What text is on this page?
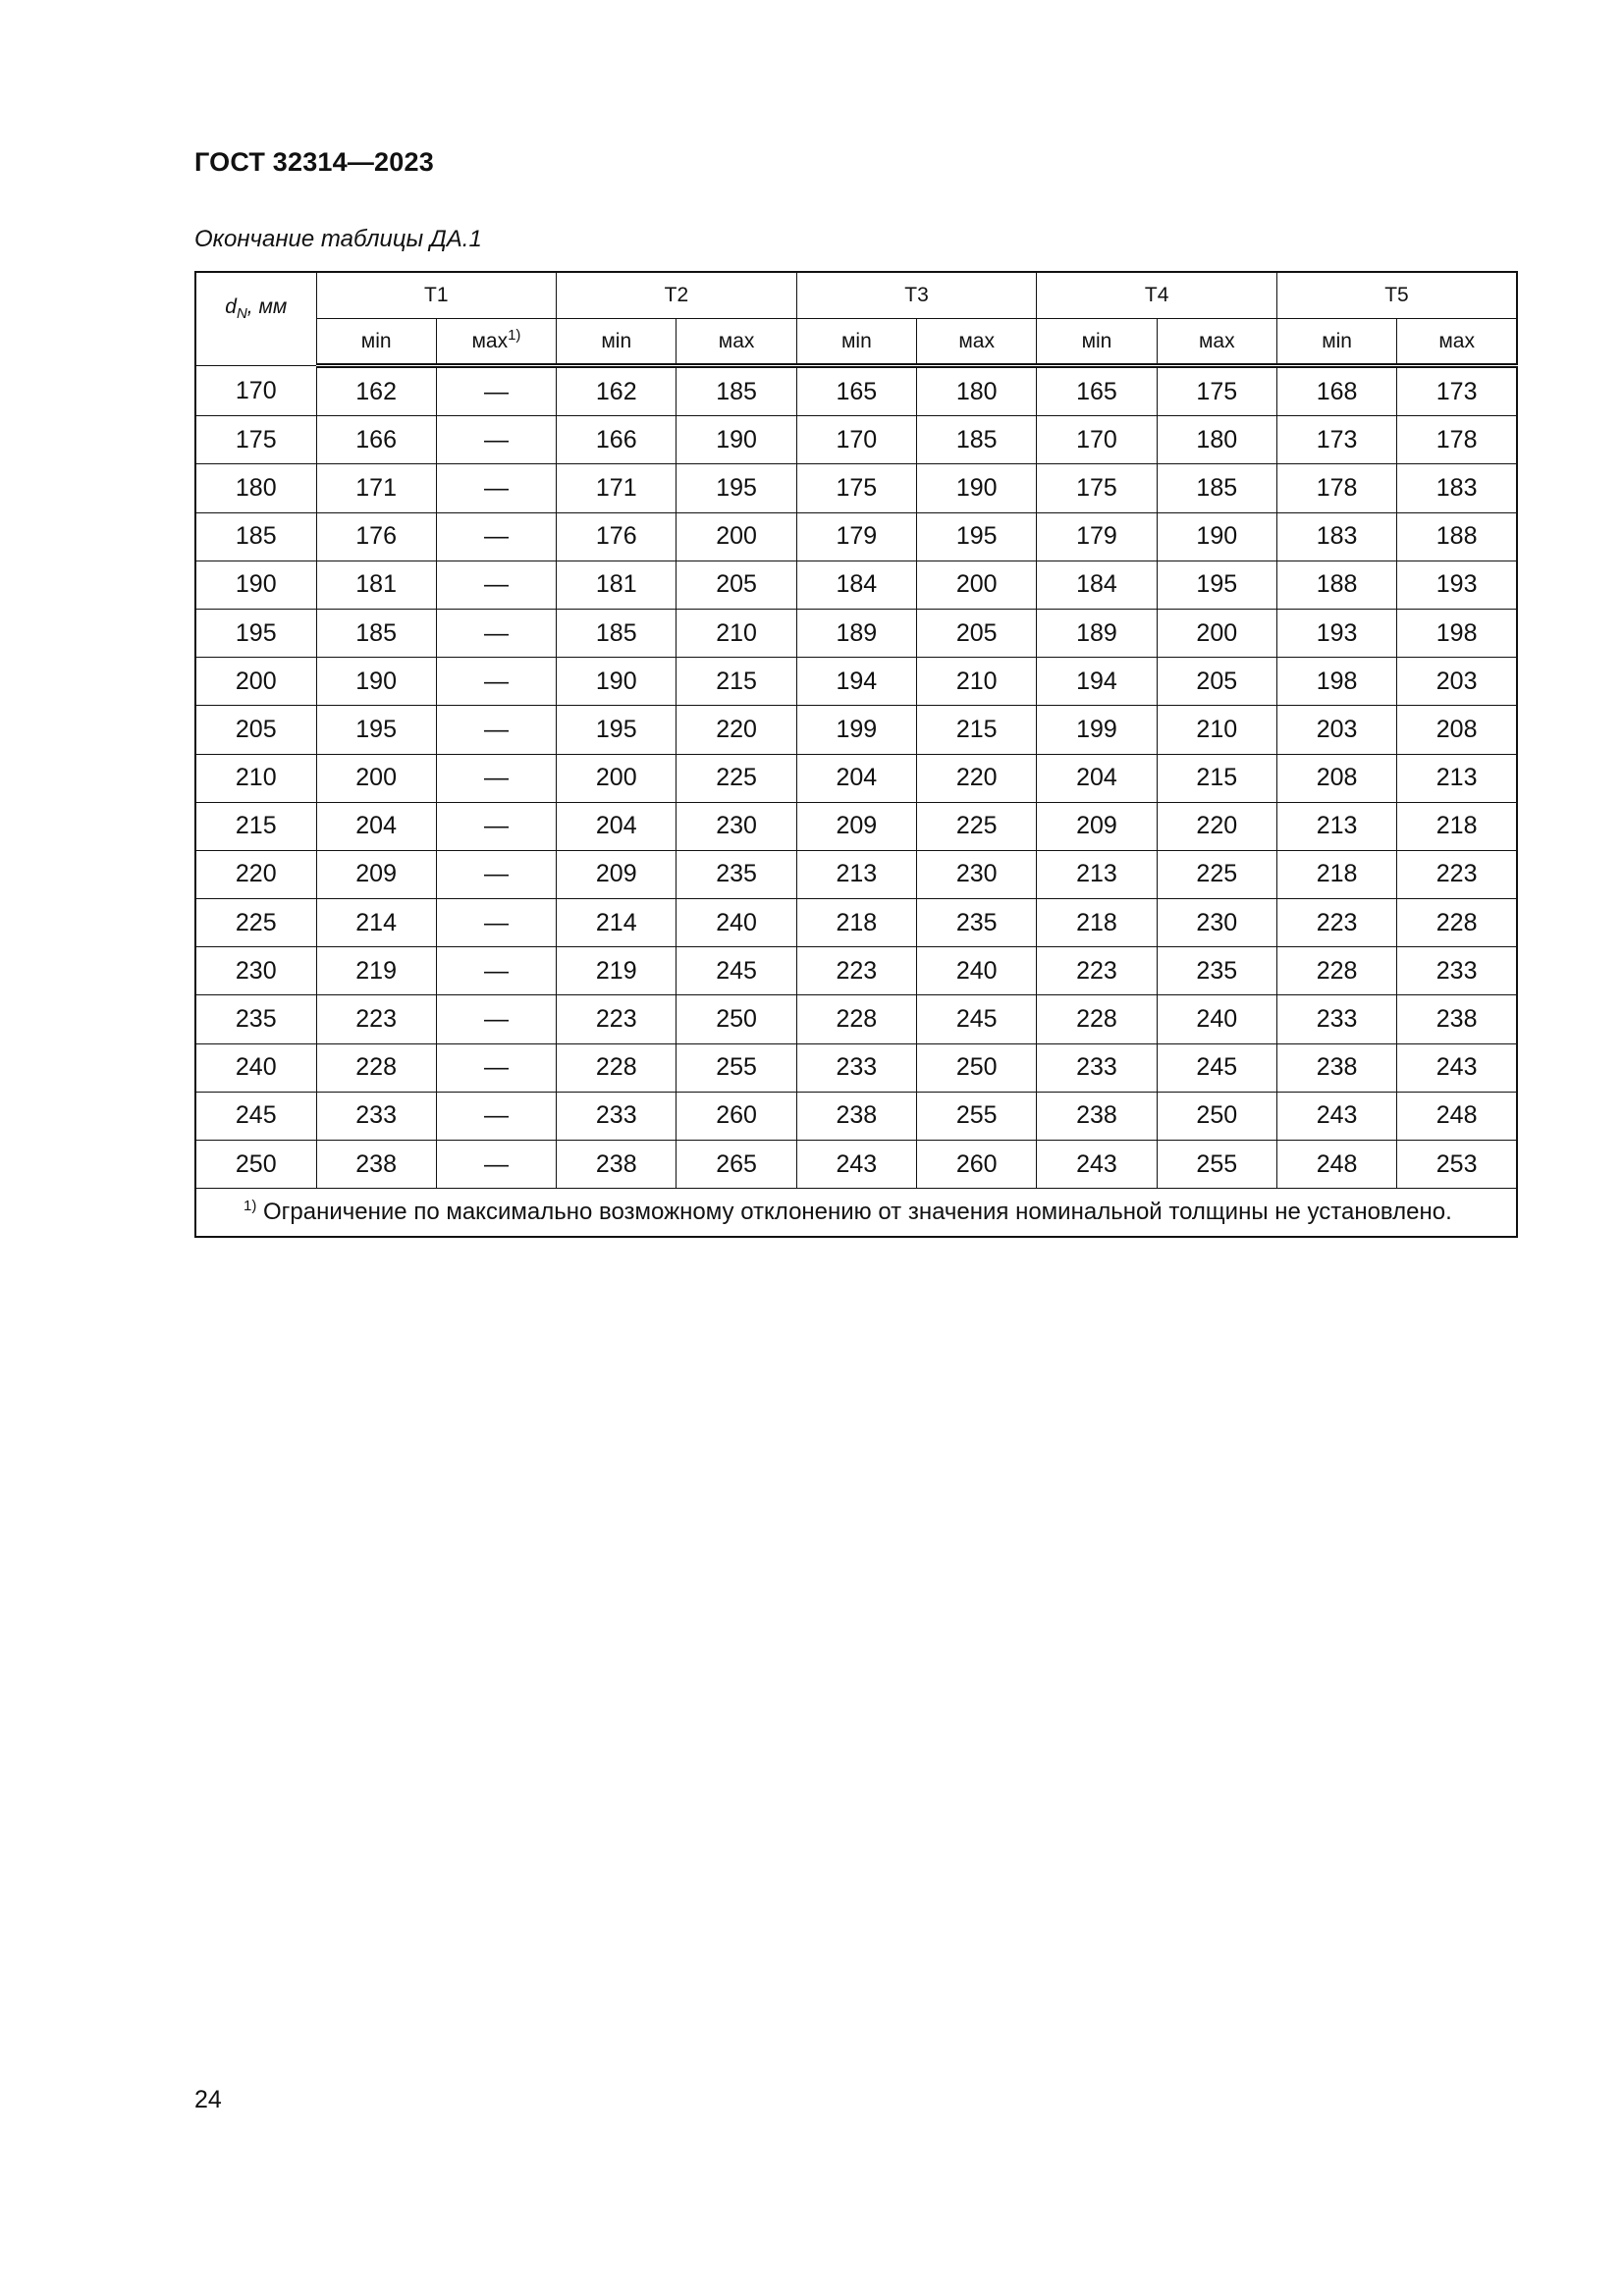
ГОСТ 32314—2023
Окончание таблицы ДА.1
$d_N$, мм	T1		T2		T3		T4		T5	
	мin	мах$^{1)}$	мin	мах	мin	мах	мin	мах	мin	мах
170	162	—	162	185	165	180	165	175	168	173
175	166	—	166	190	170	185	170	180	173	178
180	171	—	171	195	175	190	175	185	178	183
185	176	—	176	200	179	195	179	190	183	188
190	181	—	181	205	184	200	184	195	188	193
195	185	—	185	210	189	205	189	200	193	198
200	190	—	190	215	194	210	194	205	198	203
205	195	—	195	220	199	215	199	210	203	208
210	200	—	200	225	204	220	204	215	208	213
215	204	—	204	230	209	225	209	220	213	218
220	209	—	209	235	213	230	213	225	218	223
225	214	—	214	240	218	235	218	230	223	228
230	219	—	219	245	223	240	223	235	228	233
235	223	—	223	250	228	245	228	240	233	238
240	228	—	228	255	233	250	233	245	238	243
245	233	—	233	260	238	255	238	250	243	248
250	238	—	238	265	243	260	243	255	248	253
$^{1)}$ Ограничение по максимально возможному отклонению от значения номинальной толщины не установлено.										
24
